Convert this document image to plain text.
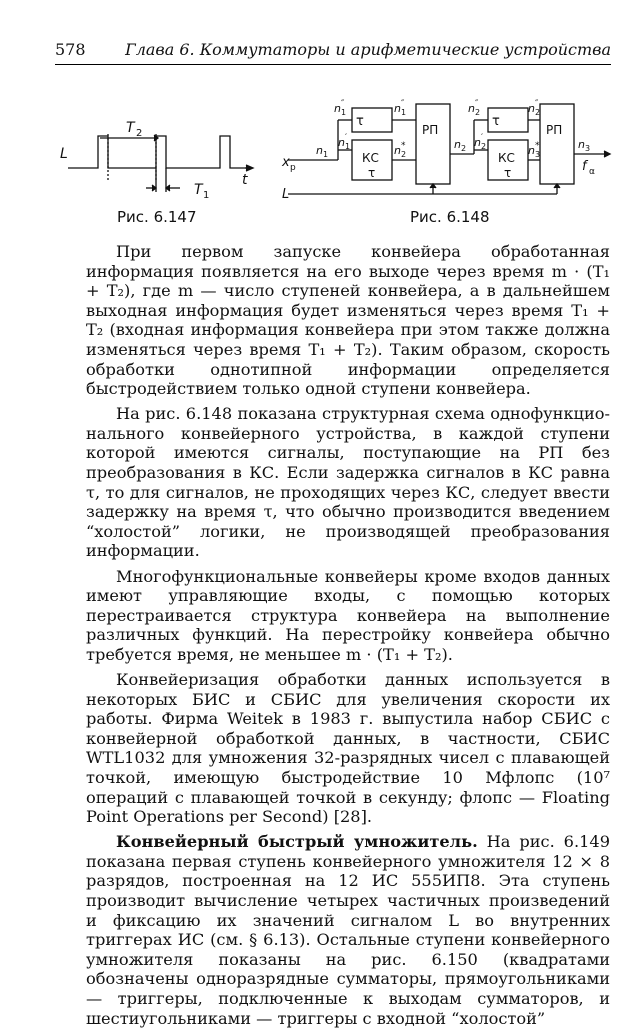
578 Глава 6. Коммутаторы и арифметические устройства
L
T 2
T 1
t
Рис. 6.147
τ
КС
τ
РП
τ
КС
τ
РП
x p
L
f α
n 1
n ″
1
n ′
1
n ″
1
n *
2
n 2
n ″
2
n ′
2
n ″
2
n *
3
n 3
Рис. 6.148

При первом запуске конвейера обработанная информация появляется на его выходе через время m · (T₁ + T₂), где m — число ступеней конвейера, а в дальнейшем выходная информация будет изменяться через время T₁ + T₂ (входная информация конвейера при этом также должна изменяться через время T₁ + T₂). Таким образом, скорость обработки однотипной информации определяется быстродействием только одной ступени конвейера.

На рис. 6.148 показана структурная схема однофункционального конвейерного устройства, в каждой ступени которой имеются сигналы, поступающие на РП без преобразования в КС. Если задержка сигналов в КС равна τ, то для сигналов, не проходящих через КС, следует ввести задержку на время τ, что обычно производится введением “холостой” логики, не производящей преобразования информации.

Многофункциональные конвейеры кроме входов данных имеют управляющие входы, с помощью которых перестраивается структура конвейера на выполнение различных функций. На перестройку конвейера обычно требуется время, не меньшее m · (T₁ + T₂).

Конвейеризация обработки данных используется в некоторых БИС и СБИС для увеличения скорости их работы. Фирма Weitek в 1983 г. выпустила набор СБИС с конвейерной обработкой данных, в частности, СБИС WTL1032 для умножения 32-разрядных чисел с плавающей точкой, имеющую быстродействие 10 Мфлопс (10⁷ операций с плавающей точкой в секунду; флопс — Floating Point Operations per Second) [28].

Конвейерный быстрый умножитель. На рис. 6.149 показана первая ступень конвейерного умножителя 12 × 8 разрядов, построенная на 12 ИС 555ИП8. Эта ступень производит вычисление четырех частичных произведений и фиксацию их значений сигналом L во внутренних триггерах ИС (см. § 6.13). Остальные ступени конвейерного умножителя показаны на рис. 6.150 (квадратами обозначены одноразрядные сумматоры, прямоугольниками — триггеры, подключенные к выходам сумматоров, и шестиугольниками — триггеры с входной “холостой”
